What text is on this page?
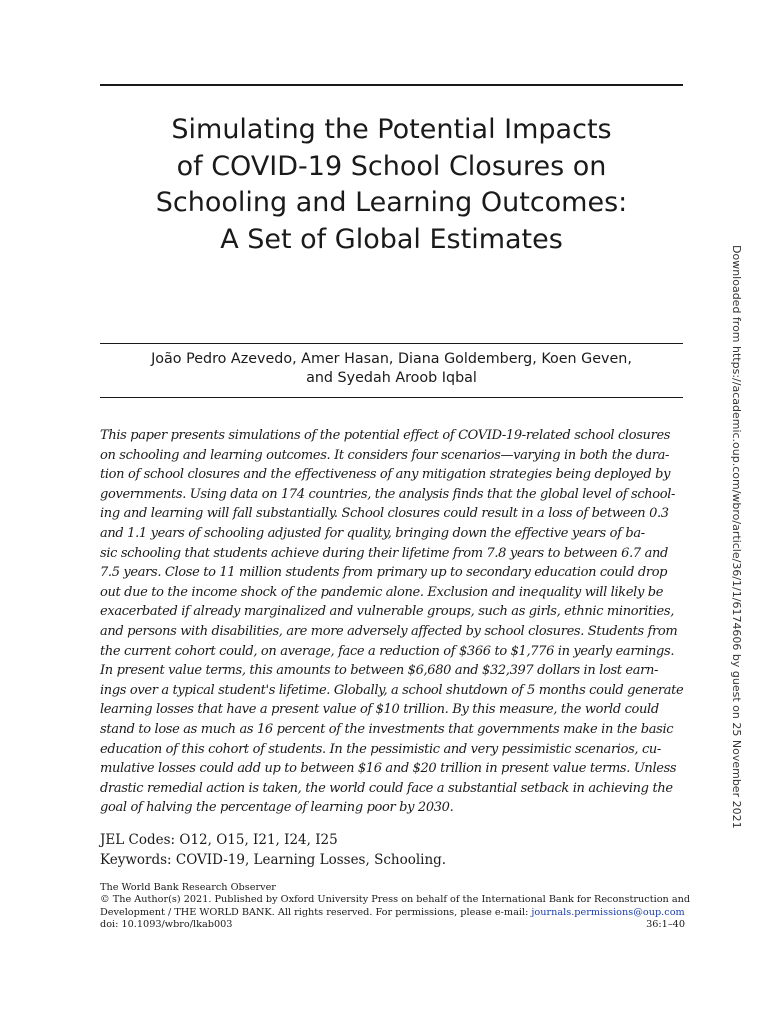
Simulating the Potential Impacts
of COVID-19 School Closures on
Schooling and Learning Outcomes:
A Set of Global Estimates
João Pedro Azevedo, Amer Hasan, Diana Goldemberg, Koen Geven,
and Syedah Aroob Iqbal
This paper presents simulations of the potential effect of COVID-19-related school closures
on schooling and learning outcomes. It considers four scenarios—varying in both the dura-
tion of school closures and the effectiveness of any mitigation strategies being deployed by
governments. Using data on 174 countries, the analysis finds that the global level of school-
ing and learning will fall substantially. School closures could result in a loss of between 0.3
and 1.1 years of schooling adjusted for quality, bringing down the effective years of ba-
sic schooling that students achieve during their lifetime from 7.8 years to between 6.7 and
7.5 years. Close to 11 million students from primary up to secondary education could drop
out due to the income shock of the pandemic alone. Exclusion and inequality will likely be
exacerbated if already marginalized and vulnerable groups, such as girls, ethnic minorities,
and persons with disabilities, are more adversely affected by school closures. Students from
the current cohort could, on average, face a reduction of $366 to $1,776 in yearly earnings.
In present value terms, this amounts to between $6,680 and $32,397 dollars in lost earn-
ings over a typical student's lifetime. Globally, a school shutdown of 5 months could generate
learning losses that have a present value of $10 trillion. By this measure, the world could
stand to lose as much as 16 percent of the investments that governments make in the basic
education of this cohort of students. In the pessimistic and very pessimistic scenarios, cu-
mulative losses could add up to between $16 and $20 trillion in present value terms. Unless
drastic remedial action is taken, the world could face a substantial setback in achieving the
goal of halving the percentage of learning poor by 2030.
JEL Codes: O12, O15, I21, I24, I25
Keywords: COVID-19, Learning Losses, Schooling.
The World Bank Research Observer
© The Author(s) 2021. Published by Oxford University Press on behalf of the International Bank for Reconstruction and
Development / THE WORLD BANK. All rights reserved. For permissions, please e-mail: journals.permissions@oup.com
doi: 10.1093/wbro/lkab003	36:1–40
Downloaded from https://academic.oup.com/wbro/article/36/1/1/6174606 by guest on 25 November 2021
